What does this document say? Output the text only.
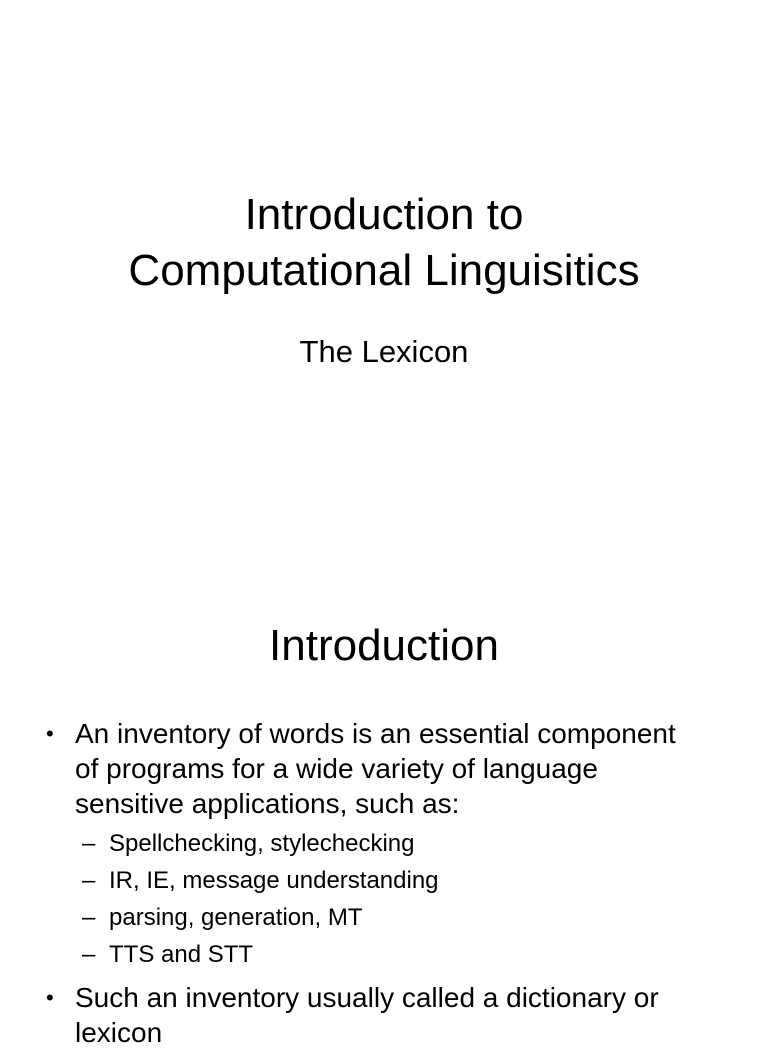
Introduction to
Computational Linguisitics
The Lexicon
Introduction
• An inventory of words is an essential component
of programs for a wide variety of language
sensitive applications, such as:
– Spellchecking, stylechecking
– IR, IE, message understanding
– parsing, generation, MT
– TTS and STT
• Such an inventory usually called a dictionary or
lexicon
